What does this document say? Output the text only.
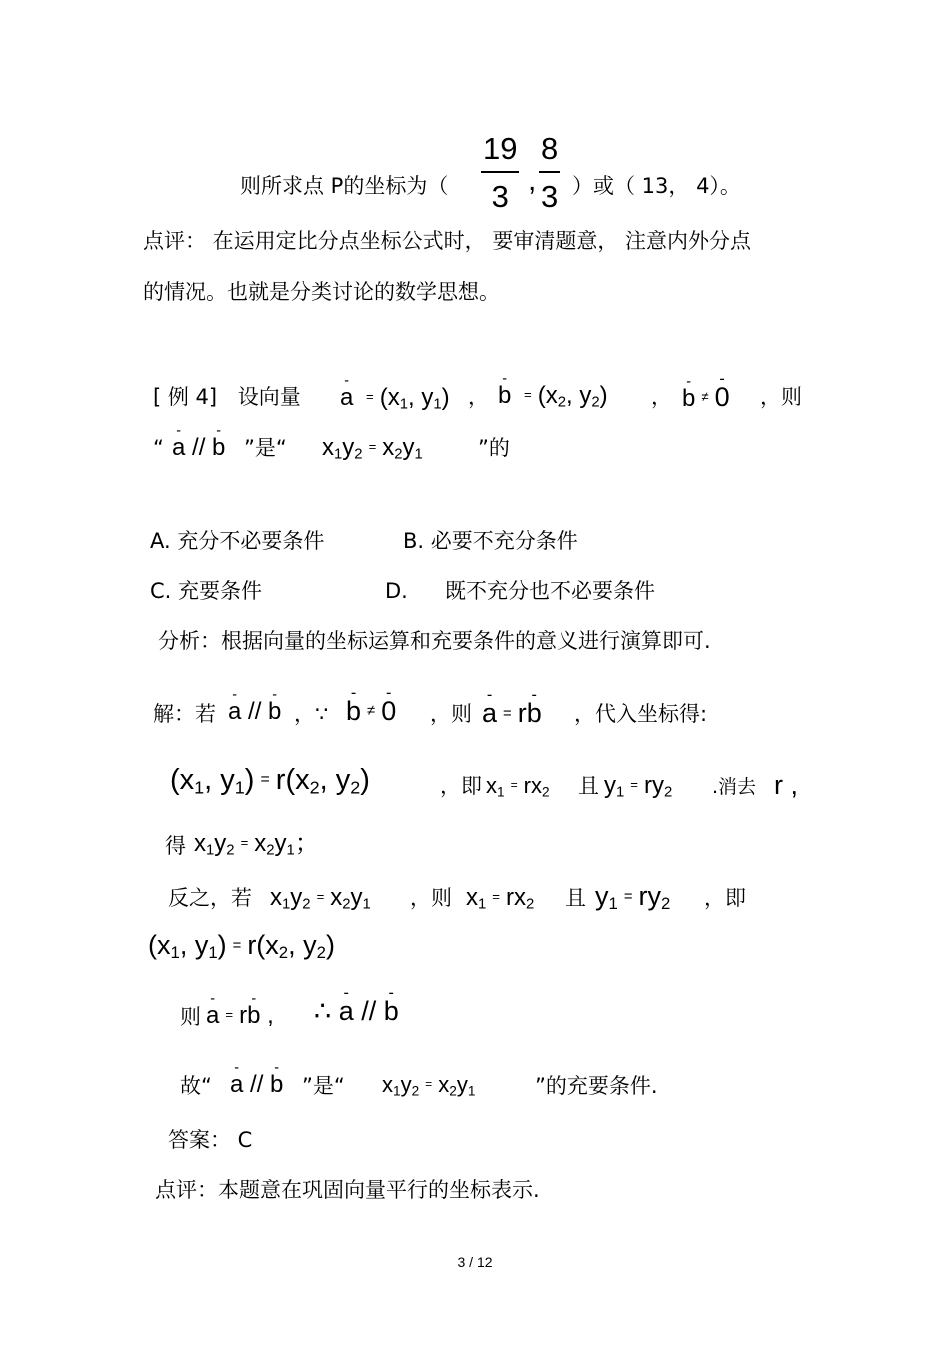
则所求点 P的坐标为（ $\frac{19}{3}$ , $\frac{8}{3}$ ）或（ 13， 4）。
点评： 在运用定比分点坐标公式时， 要审清题意， 注意内外分点
的情况。也就是分类讨论的数学思想。
[ 例 4] 设向量 - $a = (x_1$, $y_1$) ， - $b = (x_2$, $y_2$) ， - b ≠ - 0 ，则
“ - a // - b ”是“ $x_1y_2= x_2y_1$	”的
A. 充分不必要条件	B. 必要不充分条件
C. 充要条件	D. 既不充分也不必要条件
分析：根据向量的坐标运算和充要条件的意义进行演算即可.
解：若 - a // - b ，∵ - b ≠ - 0 ，则 - a = r- b ，代入坐标得:
($x_1$, $y_1) = r(x_2$, $y_2$)	，即 $x_1 = rx_2$ 且 $y_1= ry_2$ .消去 r ,
得 $x_1y_2= x_2y_1$；
反之，若 $x_1y_2= x_2y_1$ ，则 $x_1= rx_2$ 且 $y_1 = ry_2$ ，即
($x_1$, $y_1) = r(x_2$, $y_2$)
则 - a = r- b , ∴ - a // - b
故“ - a // - b ”是“ $x_1y_2 = x_2y_1$	”的充要条件.
答案： C
点评：本题意在巩固向量平行的坐标表示.
3 / 12
